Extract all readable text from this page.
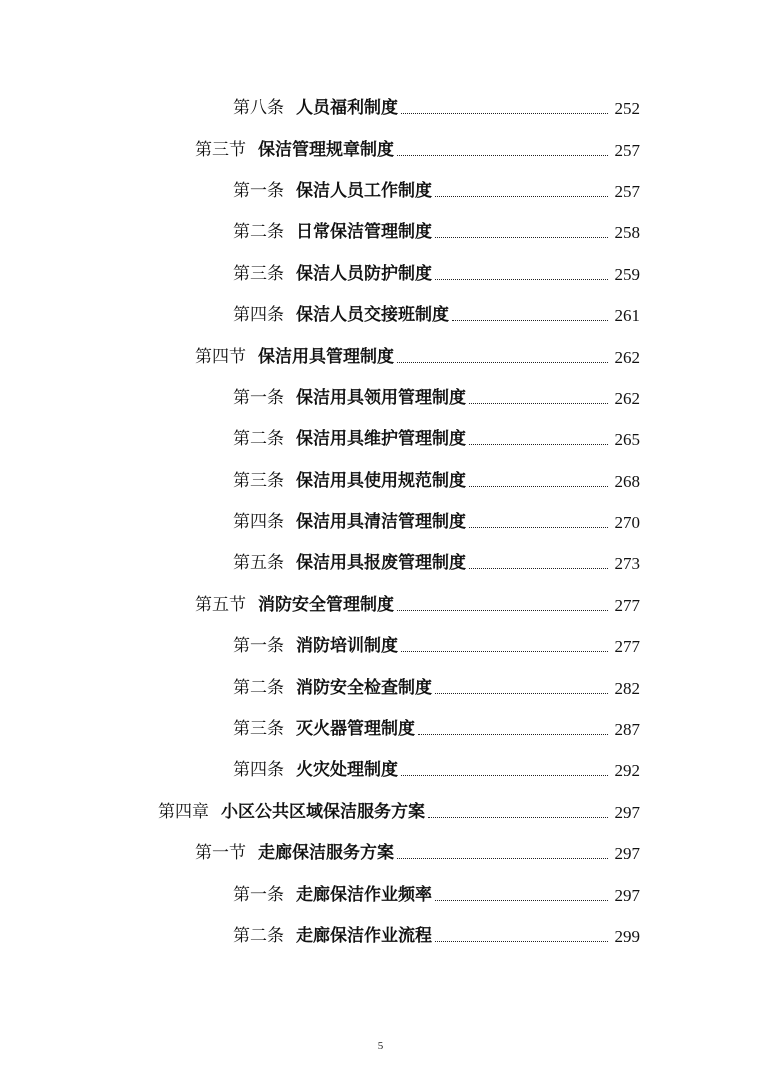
第八条 人员福利制度	252
第三节 保洁管理规章制度	257
第一条 保洁人员工作制度	257
第二条 日常保洁管理制度	258
第三条 保洁人员防护制度	259
第四条 保洁人员交接班制度	261
第四节 保洁用具管理制度	262
第一条 保洁用具领用管理制度	262
第二条 保洁用具维护管理制度	265
第三条 保洁用具使用规范制度	268
第四条 保洁用具清洁管理制度	270
第五条 保洁用具报废管理制度	273
第五节 消防安全管理制度	277
第一条 消防培训制度	277
第二条 消防安全检查制度	282
第三条 灭火器管理制度	287
第四条 火灾处理制度	292
第四章 小区公共区域保洁服务方案	297
第一节 走廊保洁服务方案	297
第一条 走廊保洁作业频率	297
第二条 走廊保洁作业流程	299
5
